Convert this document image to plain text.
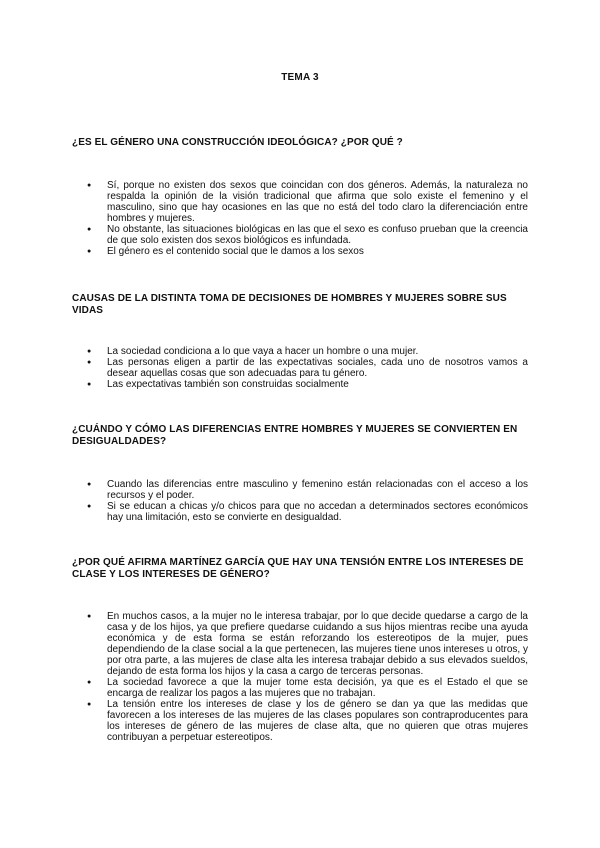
TEMA 3

¿ES EL GÉNERO UNA CONSTRUCCIÓN IDEOLÓGICA? ¿POR QUÉ ?

● Sí, porque no existen dos sexos que coincidan con dos géneros. Además, la naturaleza no respalda la opinión de la visión tradicional que afirma que solo existe el femenino y el masculino, sino que hay ocasiones en las que no está del todo claro la diferenciación entre hombres y mujeres.
● No obstante, las situaciones biológicas en las que el sexo es confuso prueban que la creencia de que solo existen dos sexos biológicos es infundada.
● El género es el contenido social que le damos a los sexos

CAUSAS DE LA DISTINTA TOMA DE DECISIONES DE HOMBRES Y MUJERES SOBRE SUS VIDAS

● La sociedad condiciona a lo que vaya a hacer un hombre o una mujer.
● Las personas eligen a partir de las expectativas sociales, cada uno de nosotros vamos a desear aquellas cosas que son adecuadas para tu género.
● Las expectativas también son construidas socialmente

¿CUÁNDO Y CÓMO LAS DIFERENCIAS ENTRE HOMBRES Y MUJERES SE CONVIERTEN EN DESIGUALDADES?

● Cuando las diferencias entre masculino y femenino están relacionadas con el acceso a los recursos y el poder.
● Si se educan a chicas y/o chicos para que no accedan a determinados sectores económicos hay una limitación, esto se convierte en desigualdad.

¿POR QUÉ AFIRMA MARTÍNEZ GARCÍA QUE HAY UNA TENSIÓN ENTRE LOS INTERESES DE CLASE Y LOS INTERESES DE GÉNERO?

● En muchos casos, a la mujer no le interesa trabajar, por lo que decide quedarse a cargo de la casa y de los hijos, ya que prefiere quedarse cuidando a sus hijos mientras recibe una ayuda económica y de esta forma se están reforzando los estereotipos de la mujer, pues dependiendo de la clase social a la que pertenecen, las mujeres tiene unos intereses u otros, y por otra parte, a las mujeres de clase alta les interesa trabajar debido a sus elevados sueldos, dejando de esta forma los hijos y la casa a cargo de terceras personas.
● La sociedad favorece a que la mujer tome esta decisión, ya que es el Estado el que se encarga de realizar los pagos a las mujeres que no trabajan.
● La tensión entre los intereses de clase y los de género se dan ya que las medidas que favorecen a los intereses de las mujeres de las clases populares son contraproducentes para los intereses de género de las mujeres de clase alta, que no quieren que otras mujeres contribuyan a perpetuar estereotipos.
